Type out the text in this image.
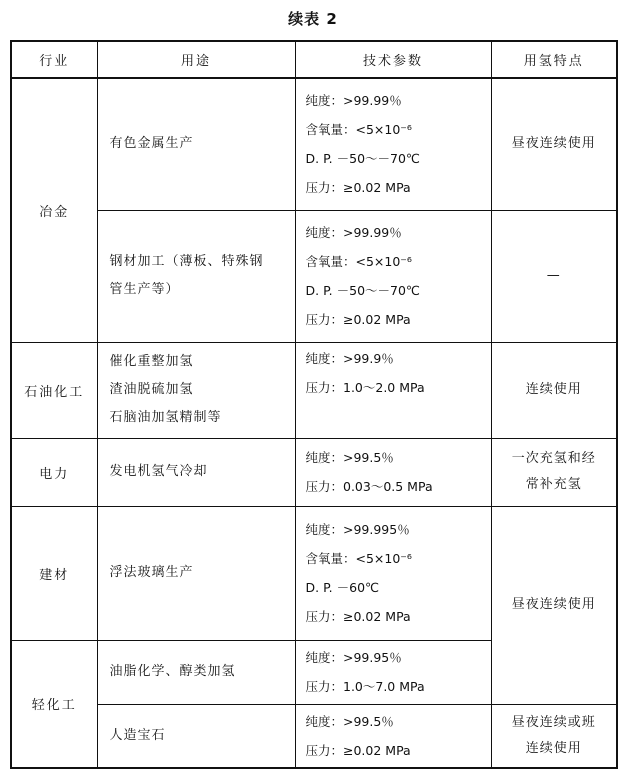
续表 2
行业	用途	技术参数	用氢特点
冶金	有色金属生产	纯度：>99.99％
含氧量：<5×10⁻⁶
D. P. －50～－70℃
压力：≥0.02 MPa	昼夜连续使用

	钢材加工（薄板、特殊钢
管生产等）	纯度：>99.99％
含氧量：<5×10⁻⁶
D. P. －50～－70℃
压力：≥0.02 MPa	—

石油化工	催化重整加氢
渣油脱硫加氢
石脑油加氢精制等	纯度：>99.9％
压力：1.0～2.0 MPa	连续使用

电力	发电机氢气冷却	纯度：>99.5％
压力：0.03～0.5 MPa	一次充氢和经
常补充氢

建材	浮法玻璃生产	纯度：>99.995％
含氧量：<5×10⁻⁶
D. P. －60℃
压力：≥0.02 MPa	昼夜连续使用

轻化工	油脂化学、醇类加氢	纯度：>99.95％
压力：1.0～7.0 MPa	

	人造宝石	纯度：>99.5％
压力：≥0.02 MPa	昼夜连续或班
连续使用
